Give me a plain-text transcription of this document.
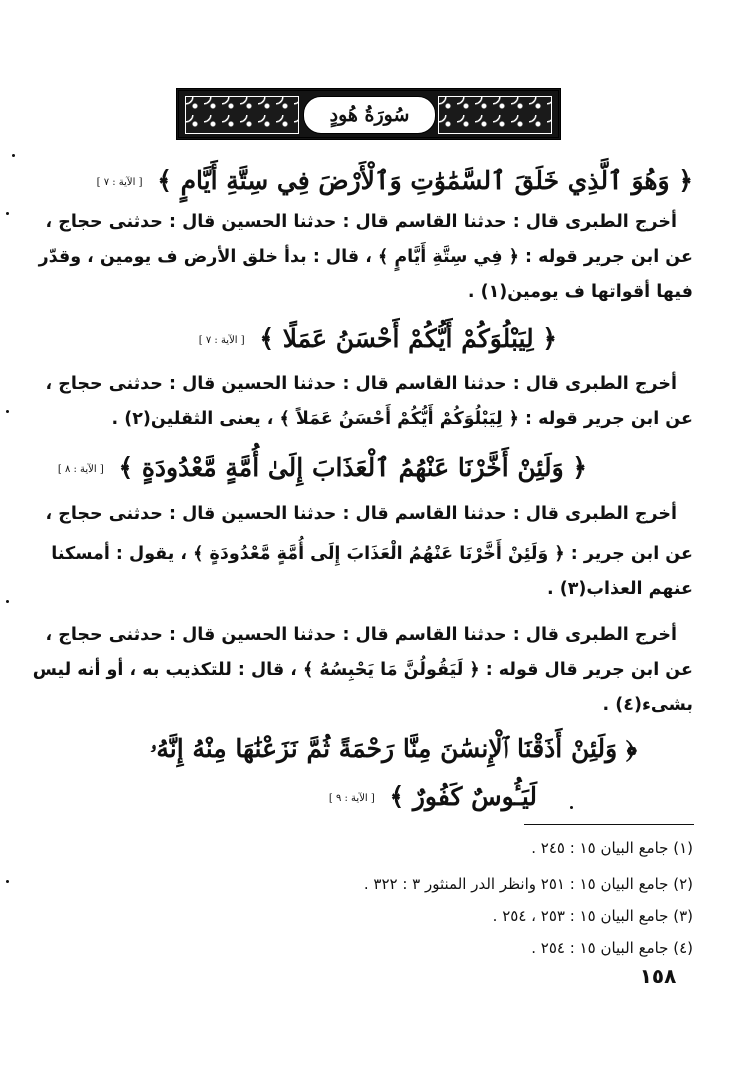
سُورَةُ هُودٍ
﴿ وَهُوَ ٱلَّذِي خَلَقَ ٱلسَّمَٰوَٰتِ وَٱلْأَرْضَ فِي سِتَّةِ أَيَّامٍ ﴾ [ الآية : ٧ ]
أخرج الطبرى قال : حدثنا القاسم قال : حدثنا الحسين قال : حدثنى حجاج ،
عن ابن جرير قوله : ﴿ فِي سِتَّةِ أَيَّامٍ ﴾ ، قال : بدأ خلق الأرض ف يومين ، وقدّر
فيها أقواتها ف يومين(١) .
﴿ لِيَبْلُوَكُمْ أَيُّكُمْ أَحْسَنُ عَمَلًا ﴾ [ الآية : ٧ ]
أخرج الطبرى قال : حدثنا القاسم قال : حدثنا الحسين قال : حدثنى حجاج ،
عن ابن جرير قوله : ﴿ لِيَبْلُوَكُمْ أَيُّكُمْ أَحْسَنُ عَمَلاً ﴾ ، يعنى الثقلين(٢) .
﴿ وَلَئِنْ أَخَّرْنَا عَنْهُمُ ٱلْعَذَابَ إِلَىٰ أُمَّةٍ مَّعْدُودَةٍ ﴾ [ الآية : ٨ ]
أخرج الطبرى قال : حدثنا القاسم قال : حدثنا الحسين قال : حدثنى حجاج ،
عن ابن جرير : ﴿ وَلَئِنْ أَخَّرْنَا عَنْهُمُ الْعَذَابَ إِلَى أُمَّةٍ مَّعْدُودَةٍ ﴾ ، يقول : أمسكنا
عنهم العذاب(٣) .
أخرج الطبرى قال : حدثنا القاسم قال : حدثنا الحسين قال : حدثنى حجاج ،
عن ابن جرير قال قوله : ﴿ لَيَقُولُنَّ مَا يَحْبِسُهُ ﴾ ، قال : للتكذيب به ، أو أنه ليس
بشىء(٤) .
﴿ وَلَئِنْ أَذَقْنَا ٱلْإِنسَٰنَ مِنَّا رَحْمَةً ثُمَّ نَزَعْنَٰهَا مِنْهُ إِنَّهُۥ
لَيَـُٔوسٌ كَفُورٌ ﴾ [ الآية : ٩ ]
(١) جامع البيان ١٥ : ٢٤٥ .
(٢) جامع البيان ١٥ : ٢٥١ وانظر الدر المنثور ٣ : ٣٢٢ .
(٣) جامع البيان ١٥ : ٢٥٣ ، ٢٥٤ .
(٤) جامع البيان ١٥ : ٢٥٤ .
١٥٨
